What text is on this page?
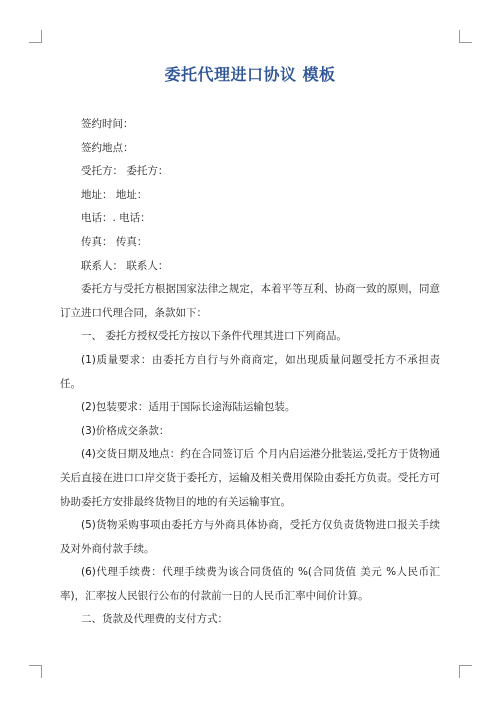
委托代理进口协议 模板

签约时间：

签约地点：

受托方： 委托方：

地址： 地址：

电话：. 电话：

传真： 传真：

联系人： 联系人：

委托方与受托方根据国家法律之规定，本着平等互利、协商一致的原则，同意订立进口代理合同，条款如下：

一、 委托方授权受托方按以下条件代理其进口下列商品。

(1)质量要求：由委托方自行与外商商定，如出现质量问题受托方不承担责任。

(2)包装要求：适用于国际长途海陆运输包装。

(3)价格成交条款：

(4)交货日期及地点：约在合同签订后 个月内启运港分批装运,受托方于货物通关后直接在进口口岸交货于委托方，运输及相关费用保险由委托方负责。受托方可协助委托方安排最终货物目的地的有关运输事宜。

(5)货物采购事项由委托方与外商具体协商，受托方仅负责货物进口报关手续及对外商付款手续。

(6)代理手续费：代理手续费为该合同货值的 %(合同货值 美元 %人民币汇率)，汇率按人民银行公布的付款前一日的人民币汇率中间价计算。

二、货款及代理费的支付方式：
